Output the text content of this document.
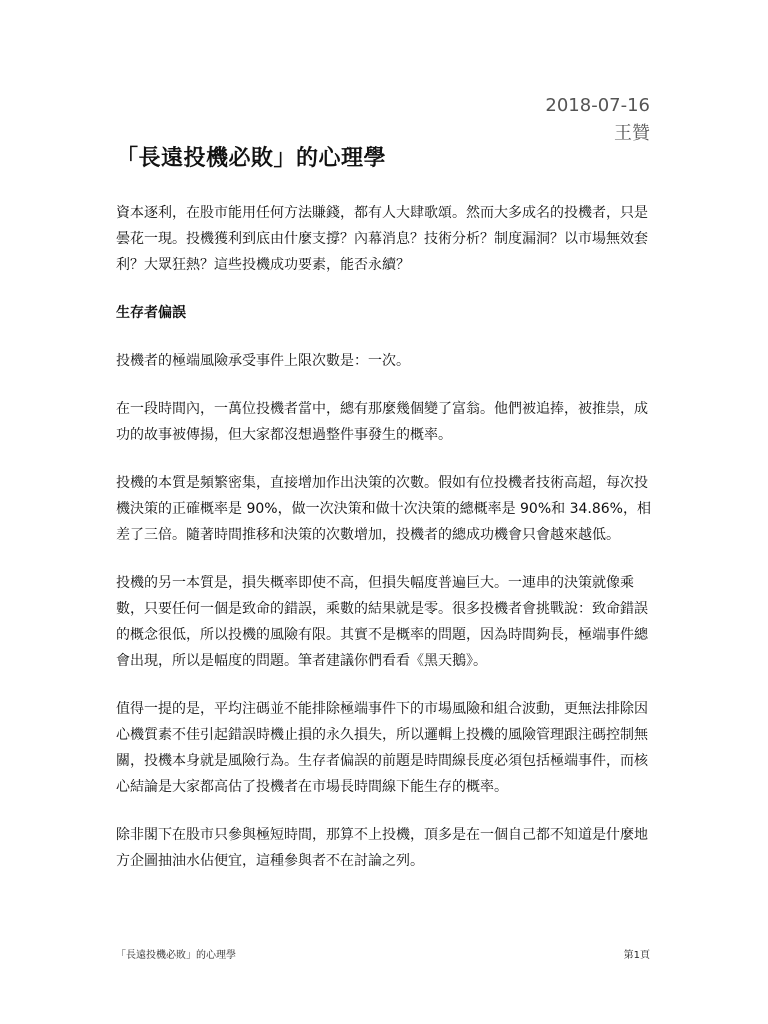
2018-07-16
王贊
「長遠投機必敗」的心理學

資本逐利，在股市能用任何方法賺錢，都有人大肆歌頌。然而大多成名的投機者，只是曇花一現。投機獲利到底由什麼支撐？內幕消息？技術分析？制度漏洞？以市場無效套利？大眾狂熱？這些投機成功要素，能否永續？

生存者偏誤

投機者的極端風險承受事件上限次數是：一次。

在一段時間內，一萬位投機者當中，總有那麼幾個變了富翁。他們被追捧，被推祟，成功的故事被傳揚，但大家都沒想過整件事發生的概率。

投機的本質是頻繁密集，直接增加作出決策的次數。假如有位投機者技術高超，每次投機決策的正確概率是 90%，做一次決策和做十次決策的總概率是 90%和 34.86%，相差了三倍。隨著時間推移和決策的次數增加，投機者的總成功機會只會越來越低。

投機的另一本質是，損失概率即使不高，但損失幅度普遍巨大。一連串的決策就像乘數，只要任何一個是致命的錯誤，乘數的結果就是零。很多投機者會挑戰說：致命錯誤的概念很低，所以投機的風險有限。其實不是概率的問題，因為時間夠長，極端事件總會出現，所以是幅度的問題。筆者建議你們看看《黑天鵝》。

值得一提的是，平均注碼並不能排除極端事件下的市場風險和組合波動，更無法排除因心機質素不佳引起錯誤時機止損的永久損失，所以邏輯上投機的風險管理跟注碼控制無關，投機本身就是風險行為。生存者偏誤的前題是時間線長度必須包括極端事件，而核心結論是大家都高估了投機者在市場長時間線下能生存的概率。

除非閣下在股市只參與極短時間，那算不上投機，頂多是在一個自己都不知道是什麼地方企圖抽油水佔便宜，這種參與者不在討論之列。

「長遠投機必敗」的心理學	第1頁
